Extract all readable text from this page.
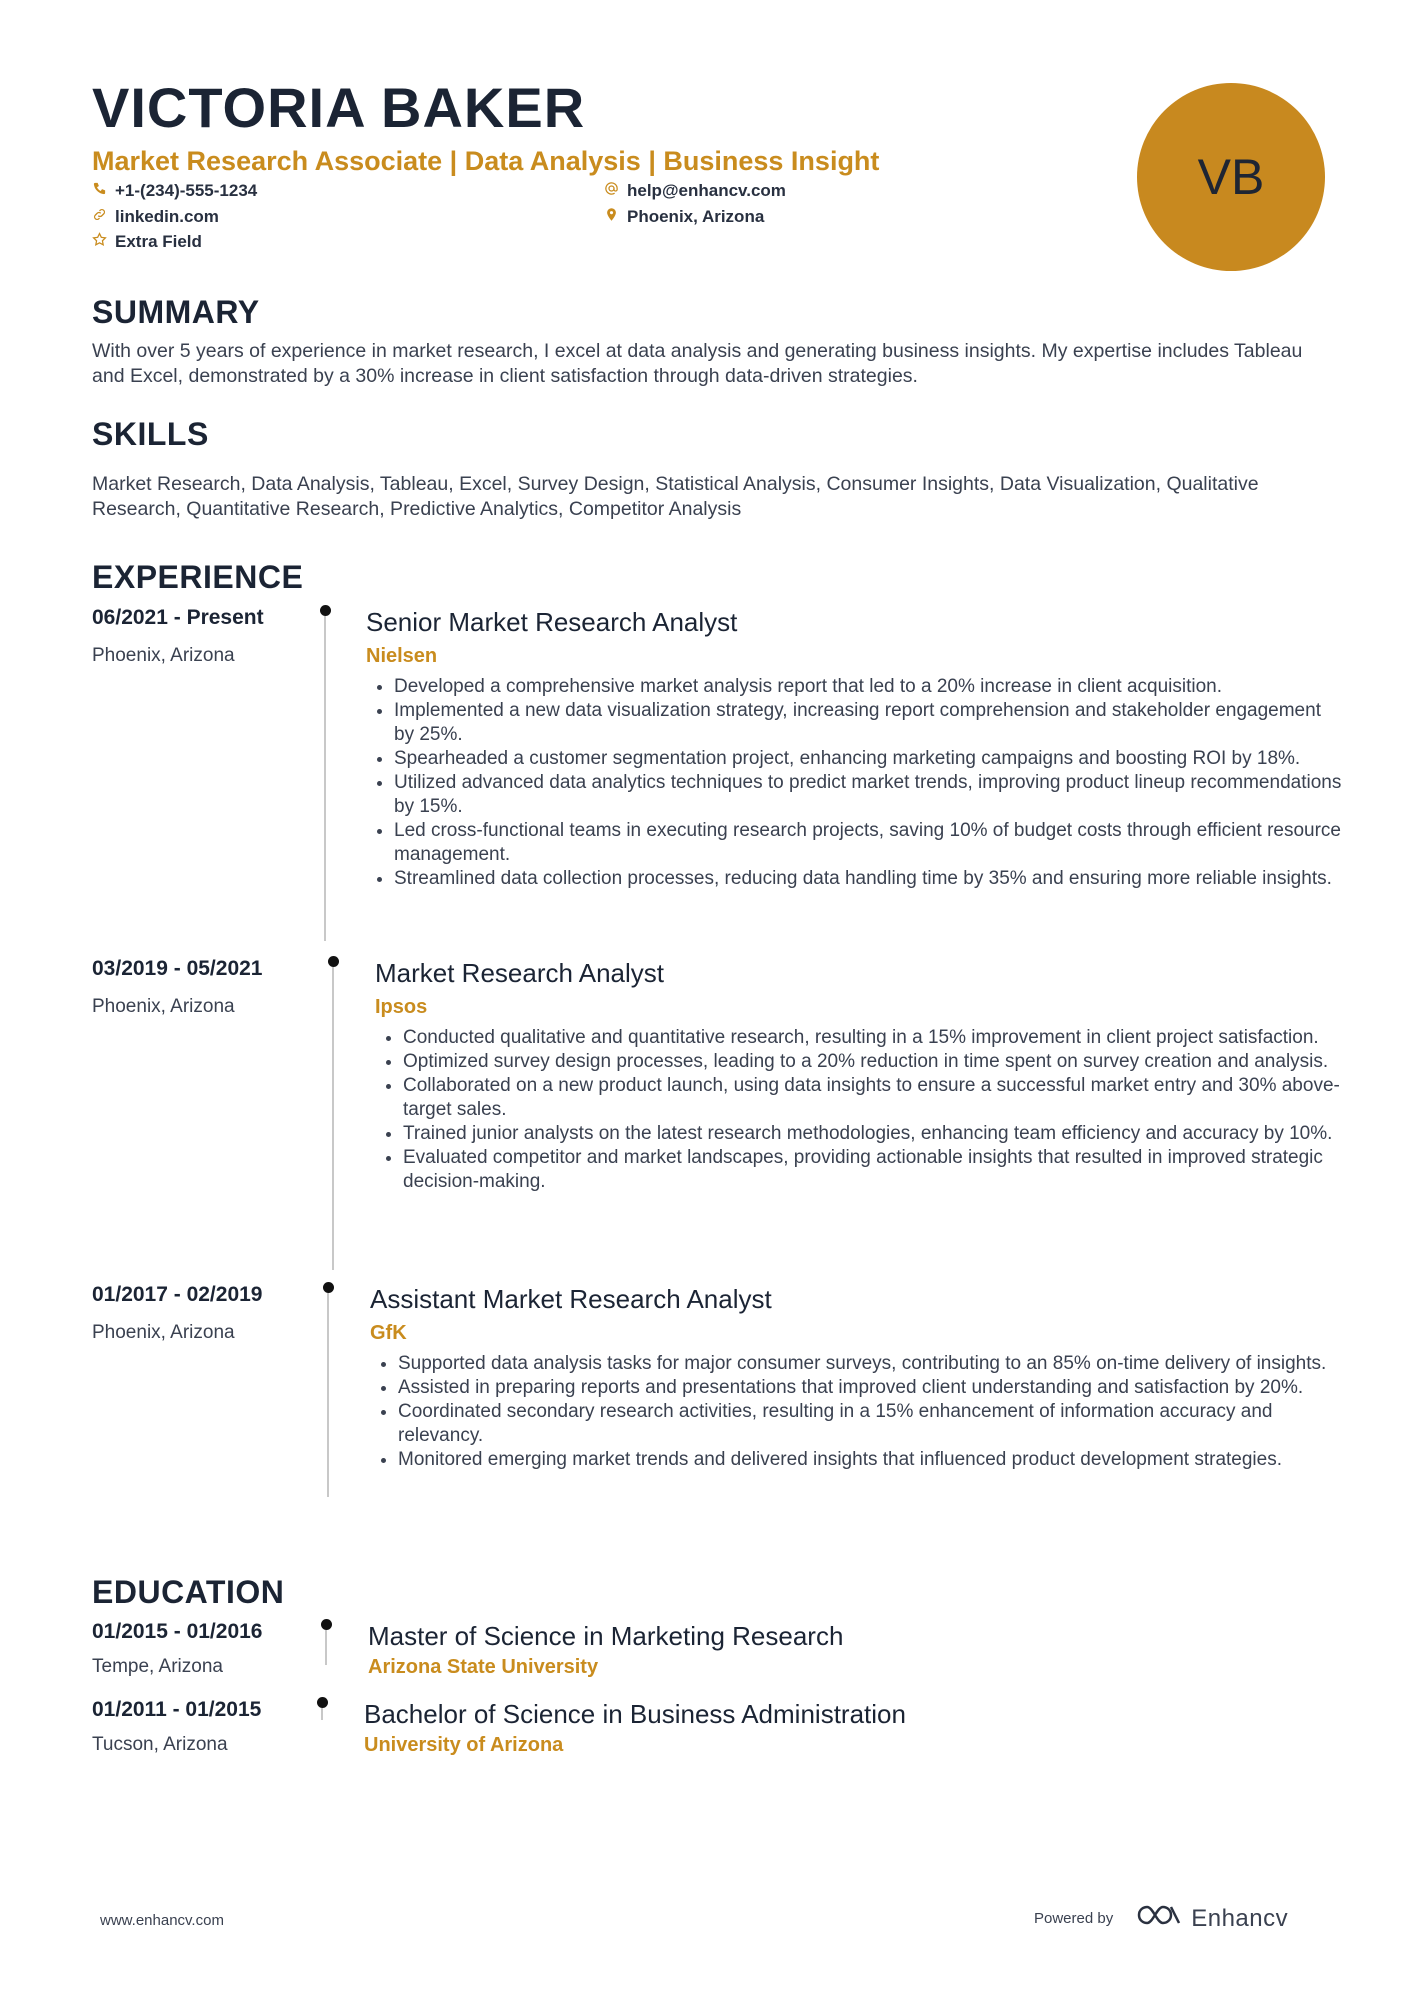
VICTORIA BAKER
Market Research Associate | Data Analysis | Business Insight
+1-(234)-555-1234	help@enhancv.com
linkedin.com	Phoenix, Arizona
Extra Field
VB
SUMMARY

With over 5 years of experience in market research, I excel at data analysis and generating business insights. My expertise includes Tableau and Excel, demonstrated by a 30% increase in client satisfaction through data-driven strategies.

SKILLS

Market Research, Data Analysis, Tableau, Excel, Survey Design, Statistical Analysis, Consumer Insights, Data Visualization, Qualitative Research, Quantitative Research, Predictive Analytics, Competitor Analysis

EXPERIENCE
06/2021 - Present
Phoenix, Arizona
Senior Market Research Analyst
Nielsen
• Developed a comprehensive market analysis report that led to a 20% increase in client acquisition.
• Implemented a new data visualization strategy, increasing report comprehension and stakeholder engagement by 25%.
• Spearheaded a customer segmentation project, enhancing marketing campaigns and boosting ROI by 18%.
• Utilized advanced data analytics techniques to predict market trends, improving product lineup recommendations by 15%.
• Led cross-functional teams in executing research projects, saving 10% of budget costs through efficient resource management.
• Streamlined data collection processes, reducing data handling time by 35% and ensuring more reliable insights.
03/2019 - 05/2021
Phoenix, Arizona
Market Research Analyst
Ipsos
• Conducted qualitative and quantitative research, resulting in a 15% improvement in client project satisfaction.
• Optimized survey design processes, leading to a 20% reduction in time spent on survey creation and analysis.
• Collaborated on a new product launch, using data insights to ensure a successful market entry and 30% above-target sales.
• Trained junior analysts on the latest research methodologies, enhancing team efficiency and accuracy by 10%.
• Evaluated competitor and market landscapes, providing actionable insights that resulted in improved strategic decision-making.
01/2017 - 02/2019
Phoenix, Arizona
Assistant Market Research Analyst
GfK
• Supported data analysis tasks for major consumer surveys, contributing to an 85% on-time delivery of insights.
• Assisted in preparing reports and presentations that improved client understanding and satisfaction by 20%.
• Coordinated secondary research activities, resulting in a 15% enhancement of information accuracy and relevancy.
• Monitored emerging market trends and delivered insights that influenced product development strategies.
EDUCATION
01/2015 - 01/2016
Tempe, Arizona
Master of Science in Marketing Research
Arizona State University
01/2011 - 01/2015
Tucson, Arizona
Bachelor of Science in Business Administration
University of Arizona
www.enhancv.com	Powered by	Enhancv
